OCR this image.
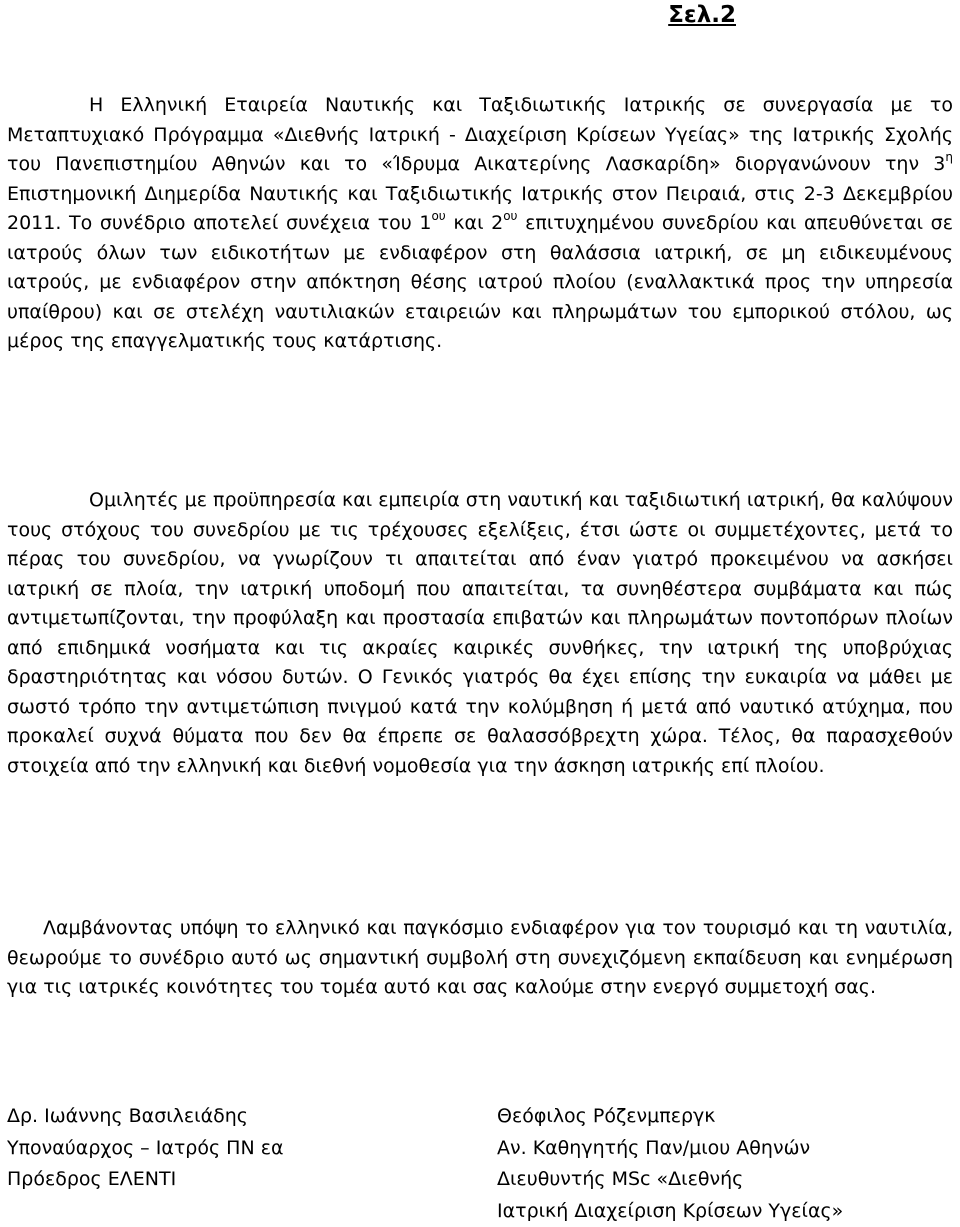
Σελ.2

Η Ελληνική Εταιρεία Ναυτικής και Ταξιδιωτικής Ιατρικής σε συνεργασία με το Μεταπτυχιακό Πρόγραμμα «Διεθνής Ιατρική - Διαχείριση Κρίσεων Υγείας» της Ιατρικής Σχολής του Πανεπιστημίου Αθηνών και το «Ίδρυμα Αικατερίνης Λασκαρίδη» διοργανώνουν την $3^\eta$ Επιστημονική Διημερίδα Ναυτικής και Ταξιδιωτικής Ιατρικής στον Πειραιά, στις 2-3 Δεκεμβρίου 2011. Το συνέδριο αποτελεί συνέχεια του $1^{o\upsilon}$ και $2^{o\upsilon}$ επιτυχημένου συνεδρίου και απευθύνεται σε ιατρούς όλων των ειδικοτήτων με ενδιαφέρον στη θαλάσσια ιατρική, σε μη ειδικευμένους ιατρούς, με ενδιαφέρον στην απόκτηση θέσης ιατρού πλοίου (εναλλακτικά προς την υπηρεσία υπαίθρου) και σε στελέχη ναυτιλιακών εταιρειών και πληρωμάτων του εμπορικού στόλου, ως μέρος της επαγγελματικής τους κατάρτισης.

Ομιλητές με προϋπηρεσία και εμπειρία στη ναυτική και ταξιδιωτική ιατρική, θα καλύψουν τους στόχους του συνεδρίου με τις τρέχουσες εξελίξεις, έτσι ώστε οι συμμετέχοντες, μετά το πέρας του συνεδρίου, να γνωρίζουν τι απαιτείται από έναν γιατρό προκειμένου να ασκήσει ιατρική σε πλοία, την ιατρική υποδομή που απαιτείται, τα συνηθέστερα συμβάματα και πώς αντιμετωπίζονται, την προφύλαξη και προστασία επιβατών και πληρωμάτων ποντοπόρων πλοίων από επιδημικά νοσήματα και τις ακραίες καιρικές συνθήκες, την ιατρική της υποβρύχιας δραστηριότητας και νόσου δυτών. Ο Γενικός γιατρός θα έχει επίσης την ευκαιρία να μάθει με σωστό τρόπο την αντιμετώπιση πνιγμού κατά την κολύμβηση ή μετά από ναυτικό ατύχημα, που προκαλεί συχνά θύματα που δεν θα έπρεπε σε θαλασσόβρεχτη χώρα. Τέλος, θα παρασχεθούν στοιχεία από την ελληνική και διεθνή νομοθεσία για την άσκηση ιατρικής επί πλοίου.

Λαμβάνοντας υπόψη το ελληνικό και παγκόσμιο ενδιαφέρον για τον τουρισμό και τη ναυτιλία, θεωρούμε το συνέδριο αυτό ως σημαντική συμβολή στη συνεχιζόμενη εκπαίδευση και ενημέρωση για τις ιατρικές κοινότητες του τομέα αυτό και σας καλούμε στην ενεργό συμμετοχή σας.

Δρ. Ιωάννης Βασιλειάδης
Υποναύαρχος – Ιατρός ΠΝ εα
Πρόεδρος ΕΛΕΝΤΙ
Θεόφιλος Ρόζενμπεργκ
Αν. Καθηγητής Παν/μιου Αθηνών
Διευθυντής MSc «Διεθνής
Ιατρική Διαχείριση Κρίσεων Υγείας»
